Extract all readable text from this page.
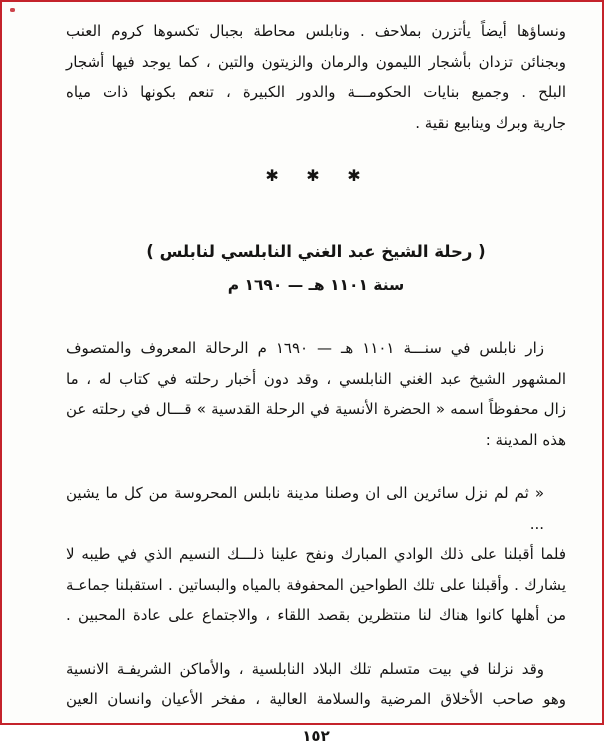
ونساؤها أيضاً يأتزرن بملاحف . ونابلس محاطة بجبال تكسوها كروم العنب
وبجنائن تزدان بأشجار الليمون والرمان والزيتون والتين ، كما يوجد فيها أشجار
البلح . وجميع بنايات الحكومـــة والدور الكبيرة ، تنعم بكونها ذات مياه
جارية وبرك وينابيع نقية .
✱ ✱ ✱
( رحلة الشيخ عبد الغني النابلسي لنابلس )
سنة ١١٠١ هـ — ١٦٩٠ م
زار نابلس في سنـــة ١١٠١ هـ — ١٦٩٠ م الرحالة المعروف والمتصوف
المشهور الشيخ عبد الغني النابلسي ، وقد دون أخبار رحلته في كتاب له ، ما
زال محفوظاً اسمه « الحضرة الأنسية في الرحلة القدسية » قـــال في رحلته عن
هذه المدينة :
« ثم لم نزل سائرين الى ان وصلنا مدينة نابلس المحروسة من كل ما يشين ...
فلما أقبلنا على ذلك الوادي المبارك ونفح علينا ذلـــك النسيم الذي في طيبه لا
يشارك . وأقبلنا على تلك الطواحين المحفوفة بالمياه والبساتين . استقبلنا جماعـة
من أهلها كانوا هناك لنا منتظرين بقصد اللقاء ، والاجتماع على عادة المحبين .
وقد نزلنا في بيت متسلم تلك البلاد النابلسية ، والأماكن الشريفـة الانسية
وهو صاحب الأخلاق المرضية والسلامة العالية ، مفخر الأعيان وانسان العين
١٥٢
